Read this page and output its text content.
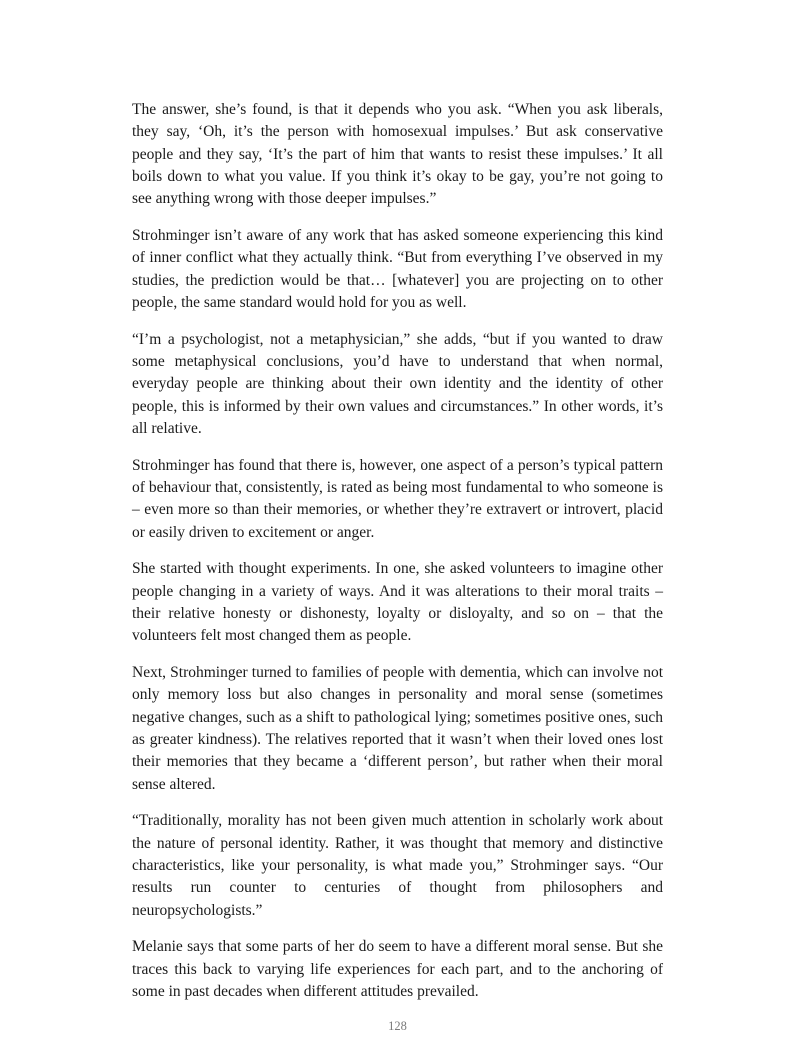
The answer, she’s found, is that it depends who you ask. “When you ask liberals, they say, ‘Oh, it’s the person with homosexual impulses.’ But ask conservative people and they say, ‘It’s the part of him that wants to resist these impulses.’ It all boils down to what you value. If you think it’s okay to be gay, you’re not going to see anything wrong with those deeper impulses.”

Strohminger isn’t aware of any work that has asked someone experiencing this kind of inner conflict what they actually think. “But from everything I’ve observed in my studies, the prediction would be that… [whatever] you are projecting on to other people, the same standard would hold for you as well.

“I’m a psychologist, not a metaphysician,” she adds, “but if you wanted to draw some metaphysical conclusions, you’d have to understand that when normal, everyday people are thinking about their own identity and the identity of other people, this is informed by their own values and circumstances.” In other words, it’s all relative.

Strohminger has found that there is, however, one aspect of a person’s typical pattern of behaviour that, consistently, is rated as being most fundamental to who someone is – even more so than their memories, or whether they’re extravert or introvert, placid or easily driven to excitement or anger.

She started with thought experiments. In one, she asked volunteers to imagine other people changing in a variety of ways. And it was alterations to their moral traits – their relative honesty or dishonesty, loyalty or disloyalty, and so on – that the volunteers felt most changed them as people.

Next, Strohminger turned to families of people with dementia, which can involve not only memory loss but also changes in personality and moral sense (sometimes negative changes, such as a shift to pathological lying; sometimes positive ones, such as greater kindness). The relatives reported that it wasn’t when their loved ones lost their memories that they became a ‘different person’, but rather when their moral sense altered.

“Traditionally, morality has not been given much attention in scholarly work about the nature of personal identity. Rather, it was thought that memory and distinctive characteristics, like your personality, is what made you,” Strohminger says. “Our results run counter to centuries of thought from philosophers and neuropsychologists.”

Melanie says that some parts of her do seem to have a different moral sense. But she traces this back to varying life experiences for each part, and to the anchoring of some in past decades when different attitudes prevailed.

128
